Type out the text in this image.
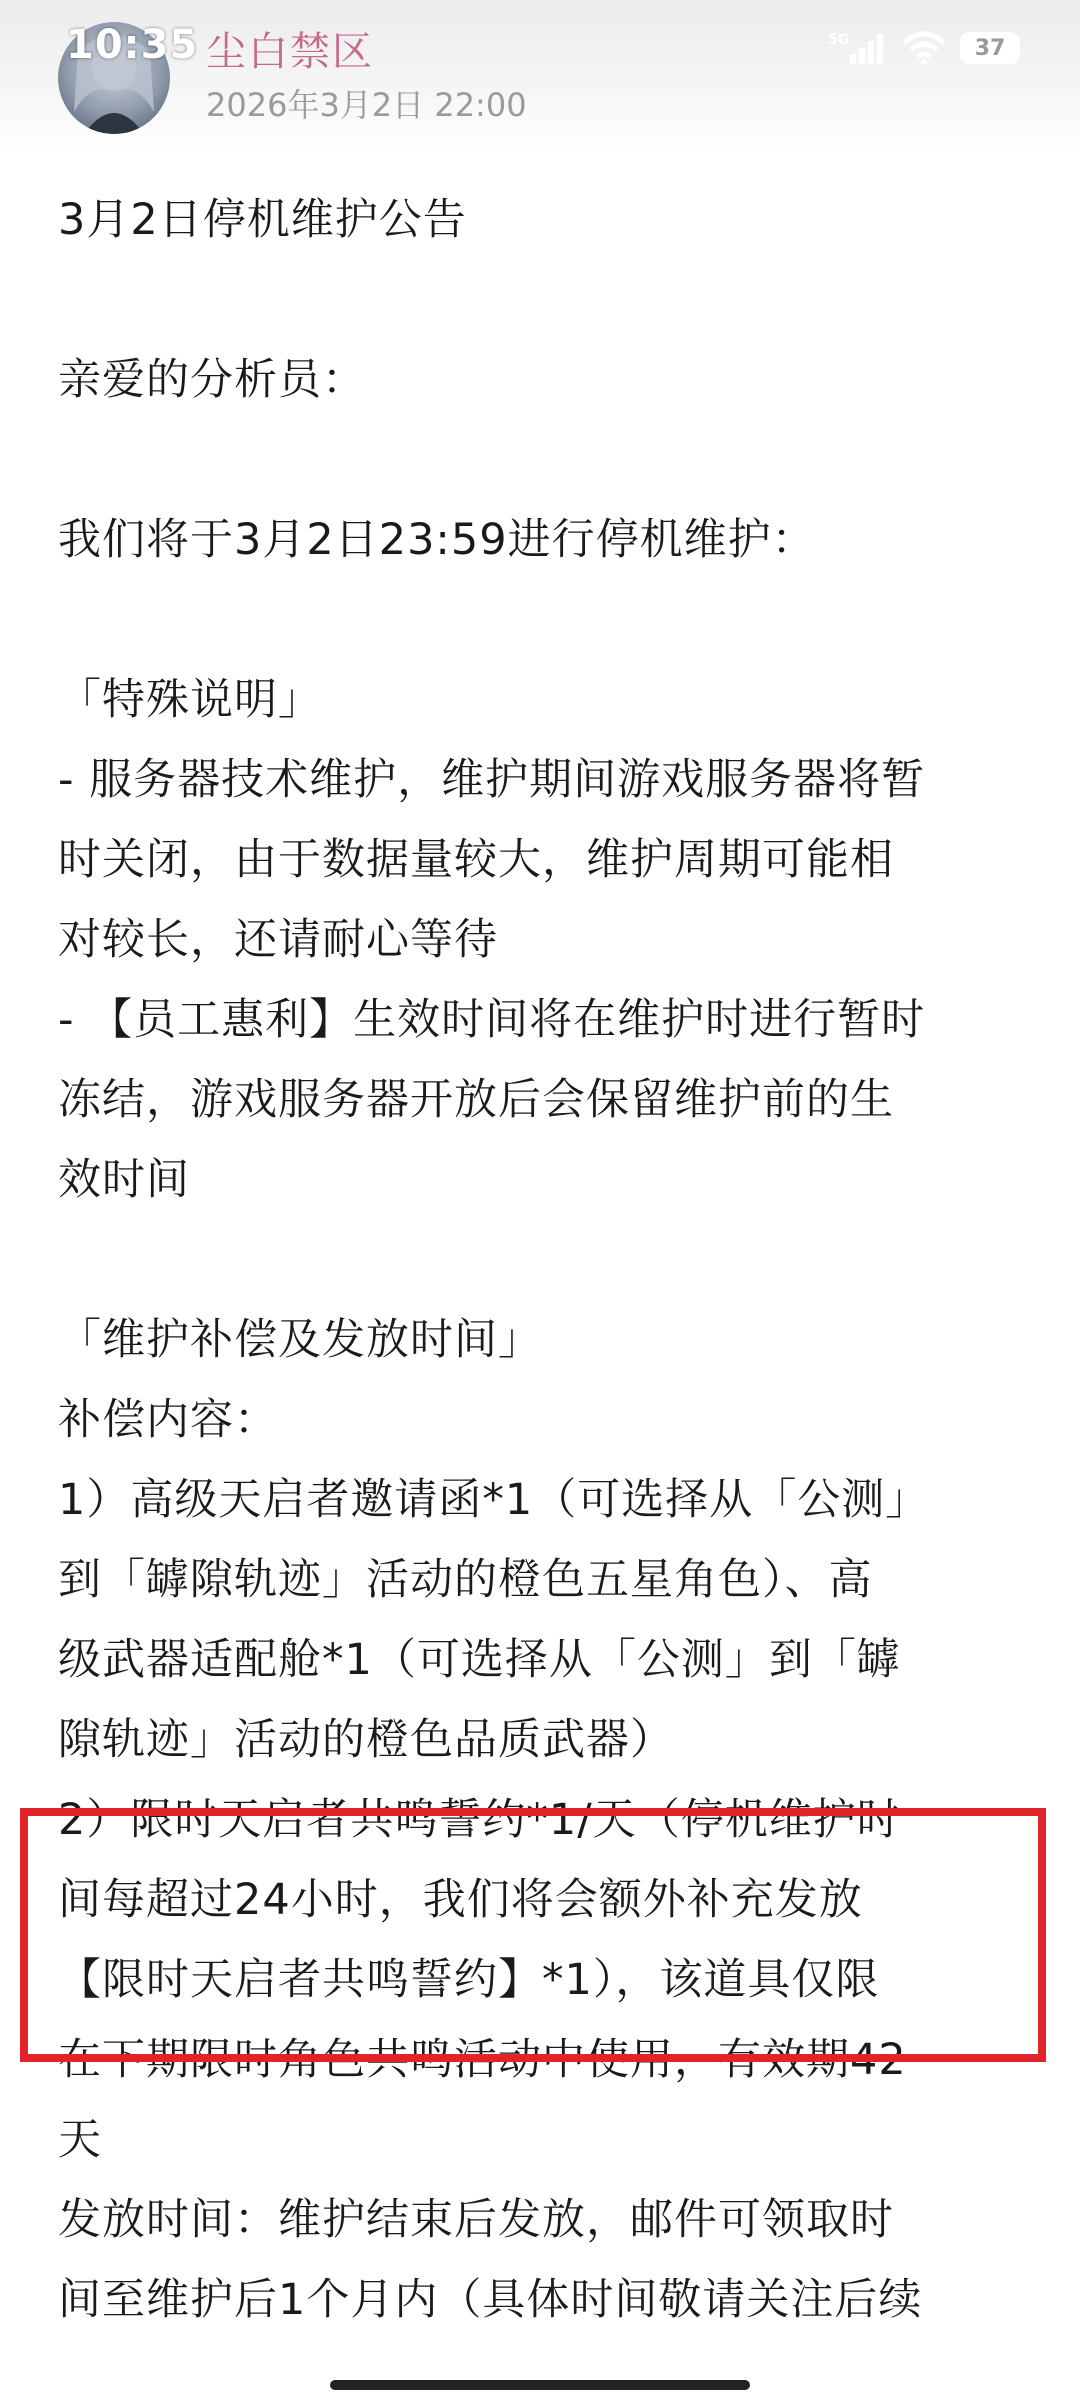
10:35 尘白禁区
2026年3月2日 22:00
5G	37

3月2日停机维护公告

亲爱的分析员：

我们将于3月2日23:59进行停机维护：

「特殊说明」

- 服务器技术维护，维护期间游戏服务器将暂
时关闭，由于数据量较大，维护周期可能相
对较长，还请耐心等待

- 【员工惠利】生效时间将在维护时进行暂时
冻结，游戏服务器开放后会保留维护前的生
效时间

「维护补偿及发放时间」

补偿内容：

1）高级天启者邀请函*1（可选择从「公测」
到「罅隙轨迹」活动的橙色五星角色）、高
级武器适配舱*1（可选择从「公测」到「罅
隙轨迹」活动的橙色品质武器）

2）限时天启者共鸣誓约*1/天（停机维护时
间每超过24小时，我们将会额外补充发放
【限时天启者共鸣誓约】*1），该道具仅限
在下期限时角色共鸣活动中使用，有效期42
天

发放时间：维护结束后发放，邮件可领取时
间至维护后1个月内（具体时间敬请关注后续
